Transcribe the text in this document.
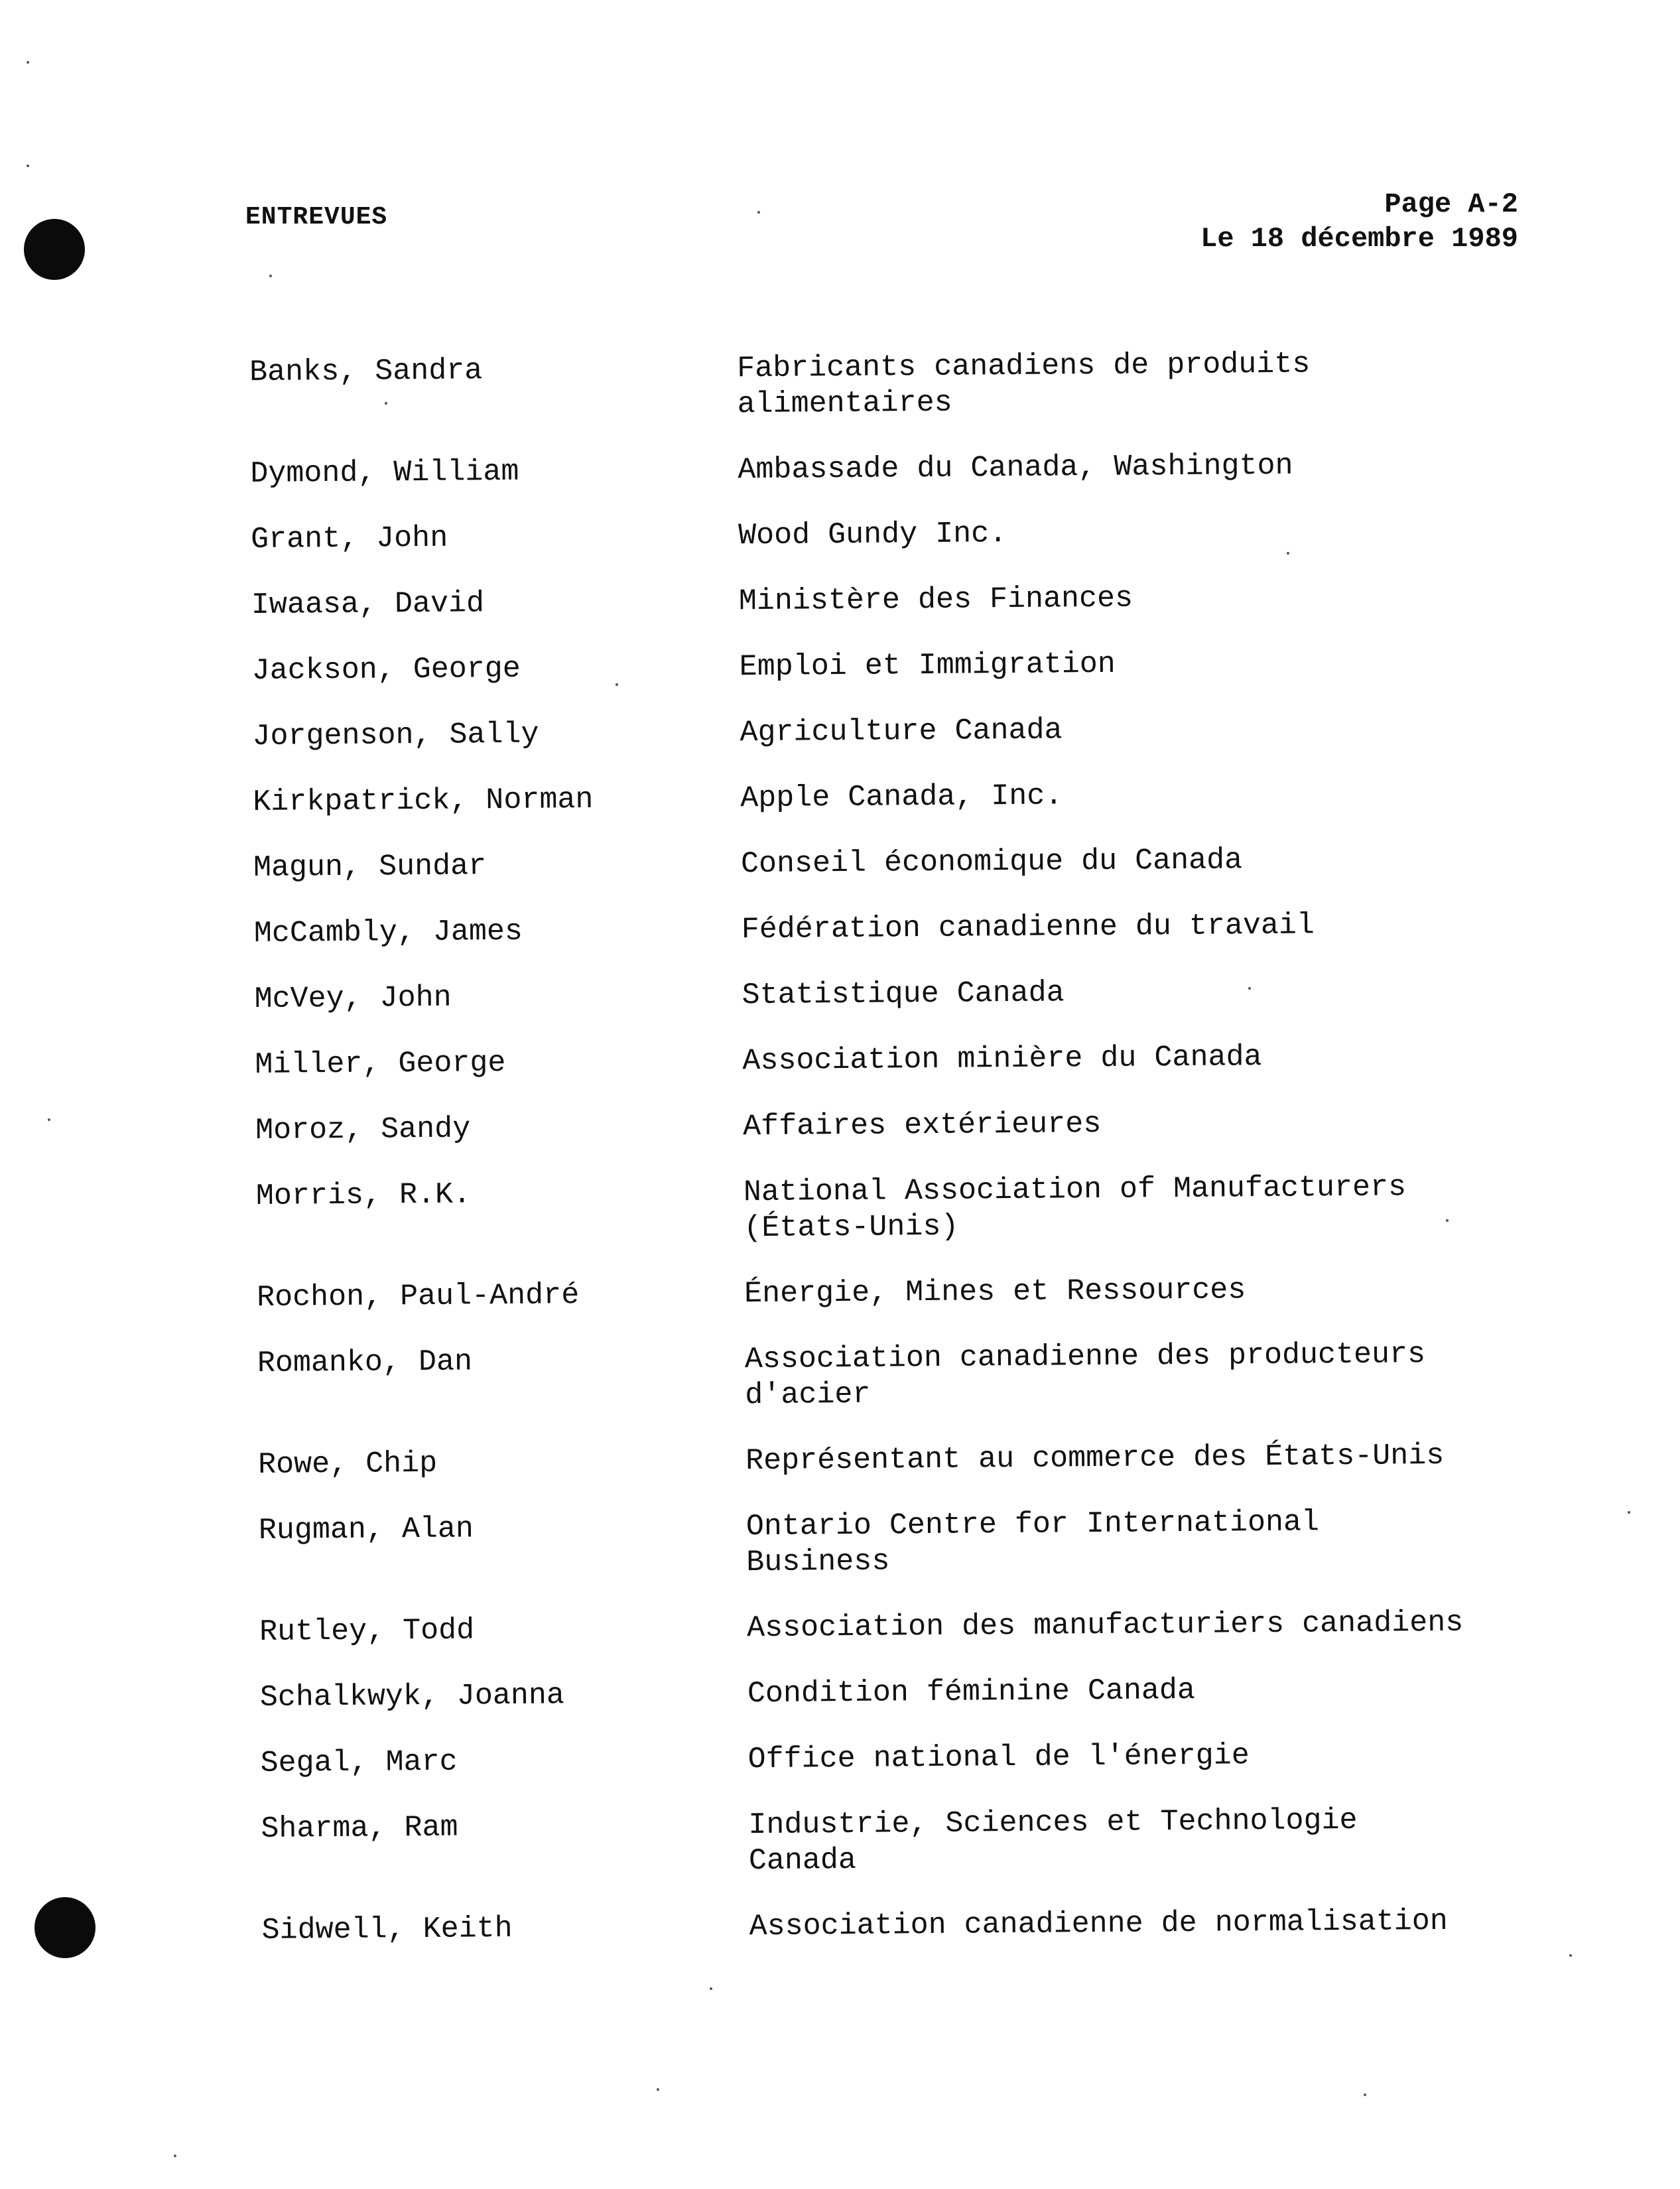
ENTREVUES	Page A-2
Le 18 décembre 1989
Banks, Sandra	Fabricants canadiens de produits
alimentaires
Dymond, William	Ambassade du Canada, Washington
Grant, John	Wood Gundy Inc.
Iwaasa, David	Ministère des Finances
Jackson, George	Emploi et Immigration
Jorgenson, Sally	Agriculture Canada
Kirkpatrick, Norman	Apple Canada, Inc.
Magun, Sundar	Conseil économique du Canada
McCambly, James	Fédération canadienne du travail
McVey, John	Statistique Canada
Miller, George	Association minière du Canada
Moroz, Sandy	Affaires extérieures
Morris, R.K.	National Association of Manufacturers
(États-Unis)
Rochon, Paul-André	Énergie, Mines et Ressources
Romanko, Dan	Association canadienne des producteurs
d'acier
Rowe, Chip	Représentant au commerce des États-Unis
Rugman, Alan	Ontario Centre for International
Business
Rutley, Todd	Association des manufacturiers canadiens
Schalkwyk, Joanna	Condition féminine Canada
Segal, Marc	Office national de l'énergie
Sharma, Ram	Industrie, Sciences et Technologie
Canada
Sidwell, Keith	Association canadienne de normalisation
